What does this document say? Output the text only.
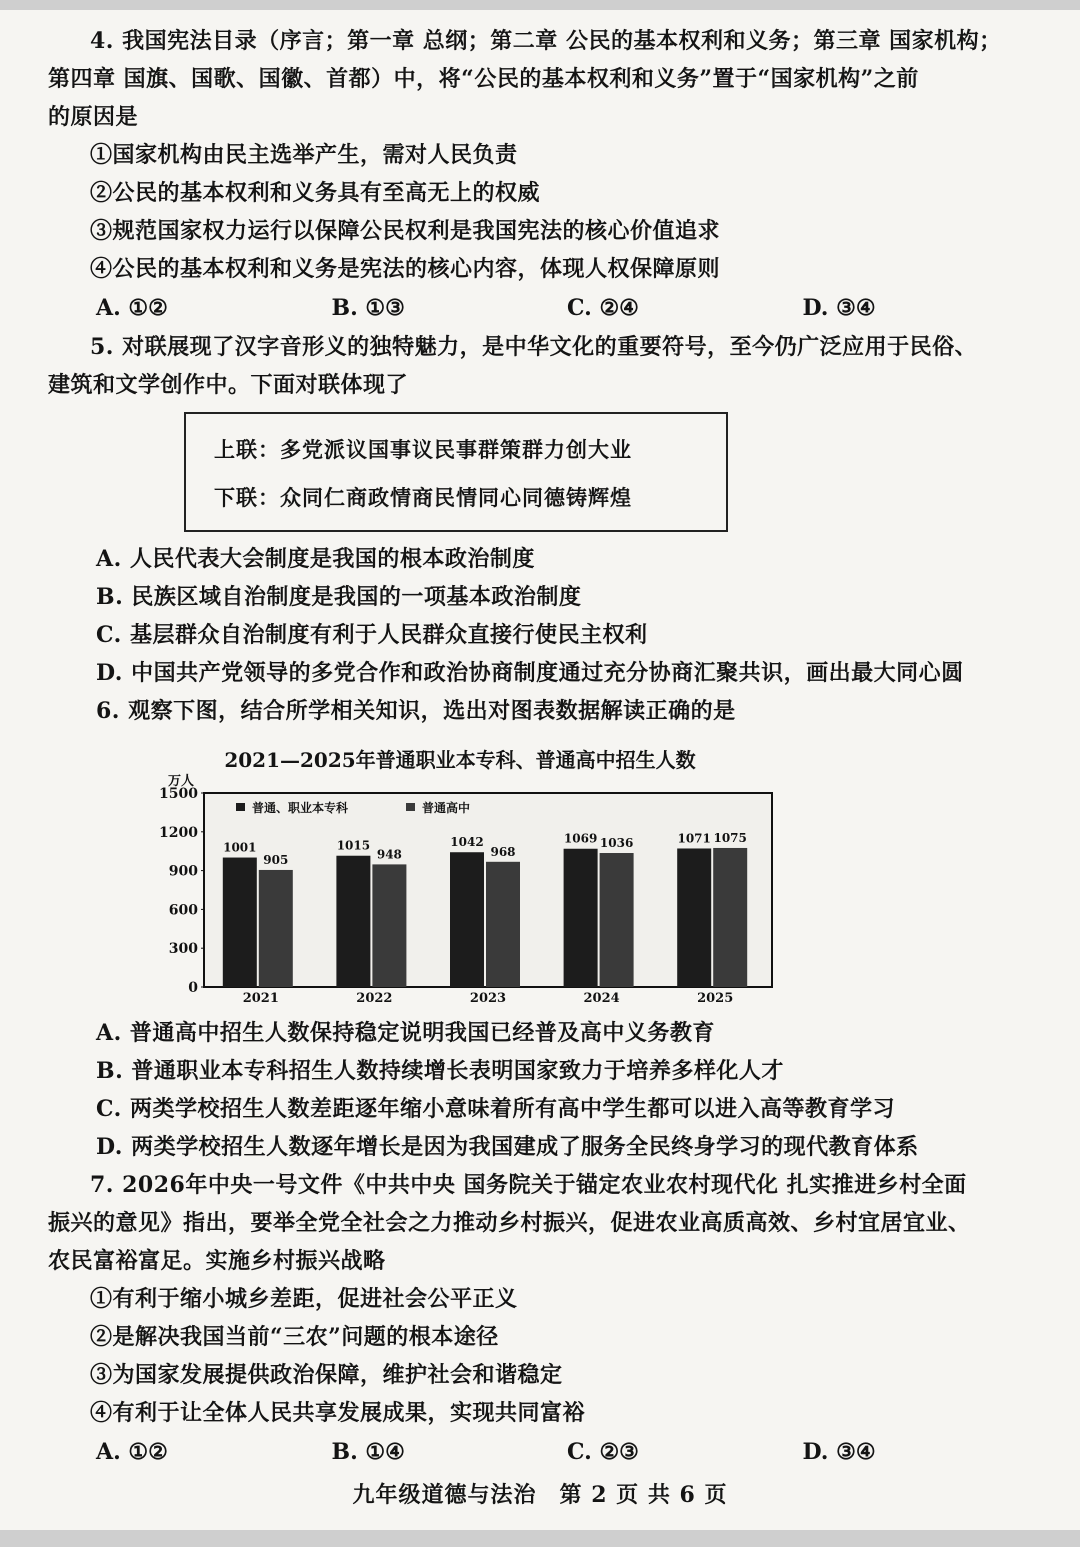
4. 我国宪法目录（序言；第一章 总纲；第二章 公民的基本权利和义务；第三章 国家机构；
第四章 国旗、国歌、国徽、首都）中，将“公民的基本权利和义务”置于“国家机构”之前
的原因是
①国家机构由民主选举产生，需对人民负责
②公民的基本权利和义务具有至高无上的权威
③规范国家权力运行以保障公民权利是我国宪法的核心价值追求
④公民的基本权利和义务是宪法的核心内容，体现人权保障原则
A. ①②	B. ①③	C. ②④	D. ③④
5. 对联展现了汉字音形义的独特魅力，是中华文化的重要符号，至今仍广泛应用于民俗、
建筑和文学创作中。下面对联体现了
上联：多党派议国事议民事群策群力创大业
下联：众同仁商政情商民情同心同德铸辉煌
A. 人民代表大会制度是我国的根本政治制度
B. 民族区域自治制度是我国的一项基本政治制度
C. 基层群众自治制度有利于人民群众直接行使民主权利
D. 中国共产党领导的多党合作和政治协商制度通过充分协商汇聚共识，画出最大同心圆
6. 观察下图，结合所学相关知识，选出对图表数据解读正确的是
2021—2025年普通职业本专科、普通高中招生人数
万人
0
300
600
900
1200
1500
普通、职业本专科	普通高中
1001
905
2021
1015
948
2022
1042
968
2023
1069 1036
2024
1071 1075
2025
A. 普通高中招生人数保持稳定说明我国已经普及高中义务教育
B. 普通职业本专科招生人数持续增长表明国家致力于培养多样化人才
C. 两类学校招生人数差距逐年缩小意味着所有高中学生都可以进入高等教育学习
D. 两类学校招生人数逐年增长是因为我国建成了服务全民终身学习的现代教育体系
7. 2026年中央一号文件《中共中央 国务院关于锚定农业农村现代化 扎实推进乡村全面
振兴的意见》指出，要举全党全社会之力推动乡村振兴，促进农业高质高效、乡村宜居宜业、
农民富裕富足。实施乡村振兴战略
①有利于缩小城乡差距，促进社会公平正义
②是解决我国当前“三农”问题的根本途径
③为国家发展提供政治保障，维护社会和谐稳定
④有利于让全体人民共享发展成果，实现共同富裕
A. ①②	B. ①④	C. ②③	D. ③④
九年级道德与法治　第 2 页 共 6 页
